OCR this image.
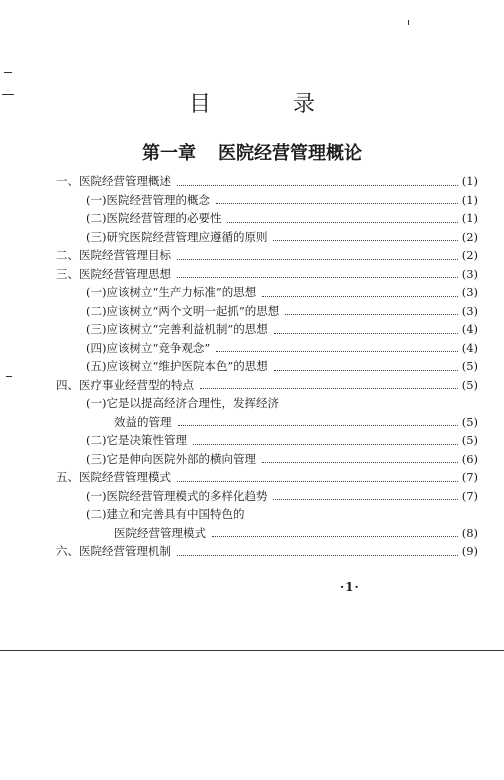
目　录
第一章 医院经营管理概论
一、医院经营管理概述	(1)
(一)医院经营管理的概念	(1)
(二)医院经营管理的必要性	(1)
(三)研究医院经营管理应遵循的原则	(2)
二、医院经营管理目标	(2)
三、医院经营管理思想	(3)
(一)应该树立“生产力标准”的思想	(3)
(二)应该树立“两个文明一起抓”的思想	(3)
(三)应该树立“完善利益机制”的思想	(4)
(四)应该树立“竞争观念”	(4)
(五)应该树立“维护医院本色”的思想	(5)
四、医疗事业经营型的特点	(5)
(一)它是以提高经济合理性，发挥经济
效益的管理	(5)
(二)它是决策性管理	(5)
(三)它是伸向医院外部的横向管理	(6)
五、医院经营管理模式	(7)
(一)医院经营管理模式的多样化趋势	(7)
(二)建立和完善具有中国特色的
医院经营管理模式	(8)
六、医院经营管理机制	(9)
·1·
